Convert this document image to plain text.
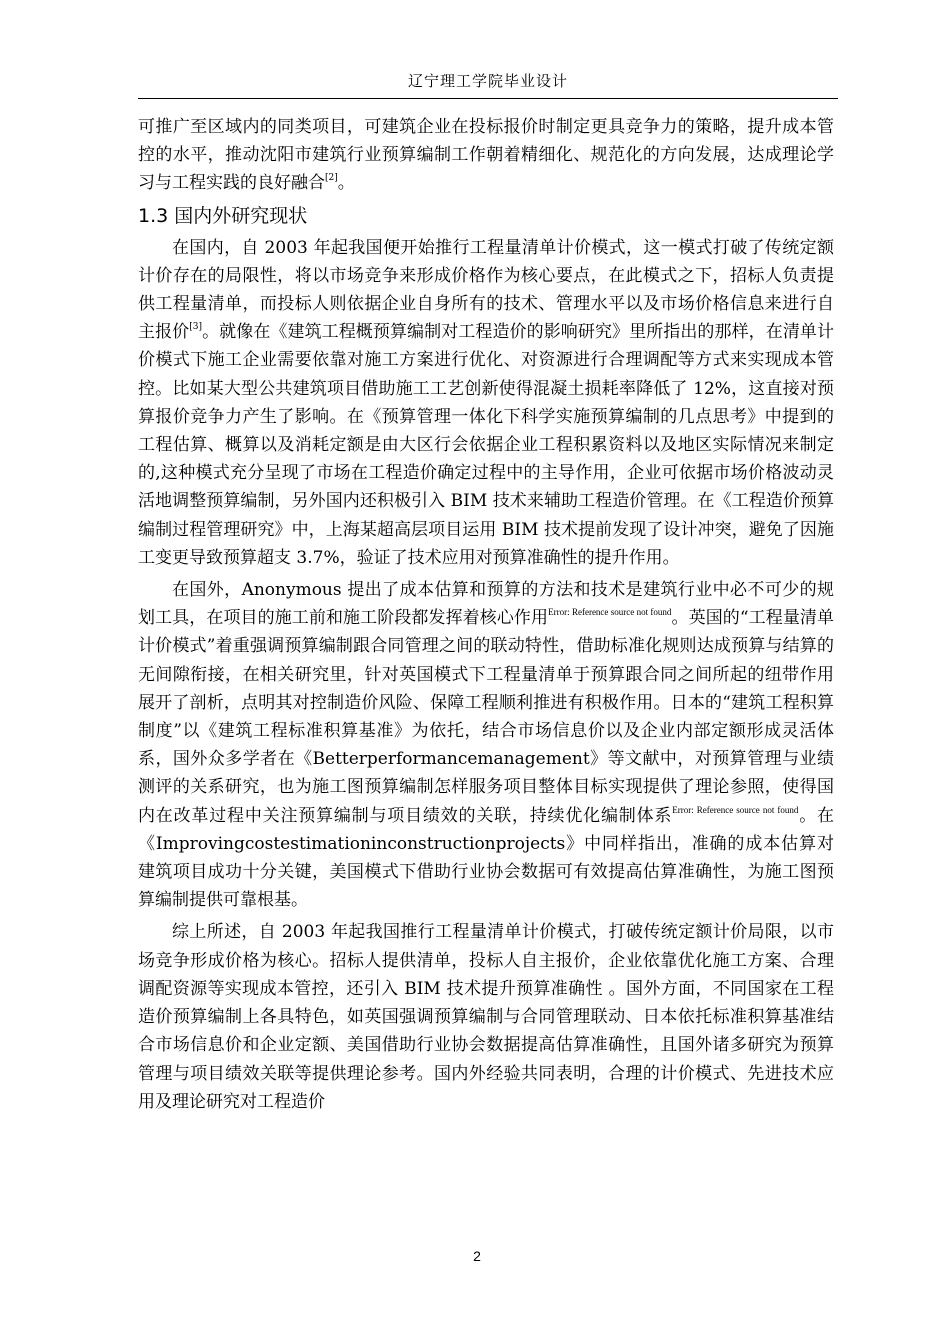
辽宁理工学院毕业设计

可推广至区域内的同类项目，可建筑企业在投标报价时制定更具竞争力的策略，提升成本管控的水平，推动沈阳市建筑行业预算编制工作朝着精细化、规范化的方向发展，达成理论学习与工程实践的良好融合[2]。

1.3 国内外研究现状

在国内，自 2003 年起我国便开始推行工程量清单计价模式，这一模式打破了传统定额计价存在的局限性，将以市场竞争来形成价格作为核心要点，在此模式之下，招标人负责提供工程量清单，而投标人则依据企业自身所有的技术、管理水平以及市场价格信息来进行自主报价[3]。就像在《建筑工程概预算编制对工程造价的影响研究》里所指出的那样，在清单计价模式下施工企业需要依靠对施工方案进行优化、对资源进行合理调配等方式来实现成本管控。比如某大型公共建筑项目借助施工工艺创新使得混凝土损耗率降低了 12%，这直接对预算报价竞争力产生了影响。在《预算管理一体化下科学实施预算编制的几点思考》中提到的工程估算、概算以及消耗定额是由大区行会依据企业工程积累资料以及地区实际情况来制定的,这种模式充分呈现了市场在工程造价确定过程中的主导作用，企业可依据市场价格波动灵活地调整预算编制，另外国内还积极引入 BIM 技术来辅助工程造价管理。在《工程造价预算编制过程管理研究》中，上海某超高层项目运用 BIM 技术提前发现了设计冲突，避免了因施工变更导致预算超支 3.7%，验证了技术应用对预算准确性的提升作用。

在国外，Anonymous 提出了成本估算和预算的方法和技术是建筑行业中必不可少的规划工具，在项目的施工前和施工阶段都发挥着核心作用$^{Error: Reference source not found}$。英国的“工程量清单计价模式”着重强调预算编制跟合同管理之间的联动特性，借助标准化规则达成预算与结算的无间隙衔接，在相关研究里，针对英国模式下工程量清单于预算跟合同之间所起的纽带作用展开了剖析，点明其对控制造价风险、保障工程顺利推进有积极作用。日本的“建筑工程积算制度”以《建筑工程标准积算基准》为依托，结合市场信息价以及企业内部定额形成灵活体系，国外众多学者在《Betterperformancemanagement》等文献中，对预算管理与业绩测评的关系研究，也为施工图预算编制怎样服务项目整体目标实现提供了理论参照，使得国内在改革过程中关注预算编制与项目绩效的关联，持续优化编制体系$^{Error: Reference source not found}$。在《Improvingcostestimationinconstructionprojects》中同样指出，准确的成本估算对建筑项目成功十分关键，美国模式下借助行业协会数据可有效提高估算准确性，为施工图预算编制提供可靠根基。

综上所述，自 2003 年起我国推行工程量清单计价模式，打破传统定额计价局限，以市场竞争形成价格为核心。招标人提供清单，投标人自主报价，企业依靠优化施工方案、合理调配资源等实现成本管控，还引入 BIM 技术提升预算准确性 。国外方面，不同国家在工程造价预算编制上各具特色，如英国强调预算编制与合同管理联动、日本依托标准积算基准结合市场信息价和企业定额、美国借助行业协会数据提高估算准确性，且国外诸多研究为预算管理与项目绩效关联等提供理论参考。国内外经验共同表明，合理的计价模式、先进技术应用及理论研究对工程造价

2
